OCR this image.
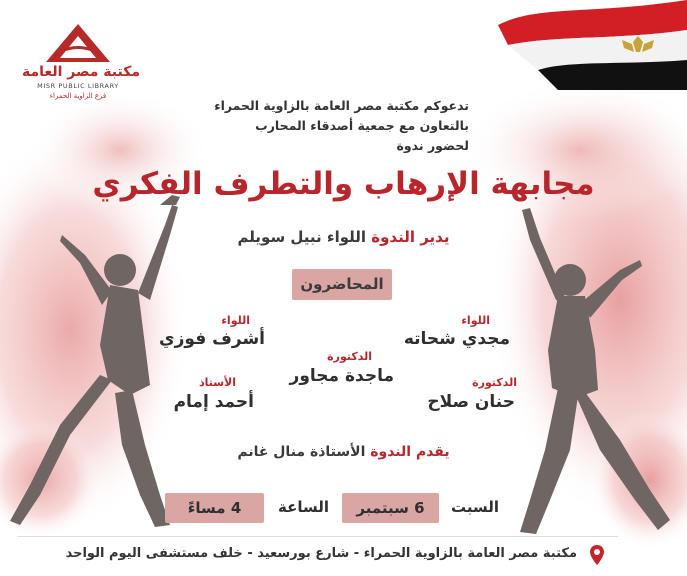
مكتبة مصر العامة
MISR PUBLIC LIBRARY
فرع الزاوية الحمراء
تدعوكم مكتبة مصر العامة بالزاوية الحمراء
بالتعاون مع جمعية أصدقاء المحارب
لحضور ندوة
مجابهة الإرهاب والتطرف الفكري
يدير الندوة اللواء نبيل سويلم
المحاضرون
اللواء
مجدي شحاته
اللواء
أشرف فوزي
الدكتورة
ماجدة مجاور	الدكتورة
حنان صلاح
الأستاذ
أحمد إمام
يقدم الندوة الأستاذة منال غانم
السبت
6 سبتمبر
الساعة
4 مساءً
مكتبة مصر العامة بالزاوية الحمراء - شارع بورسعيد - خلف مستشفى اليوم الواحد
